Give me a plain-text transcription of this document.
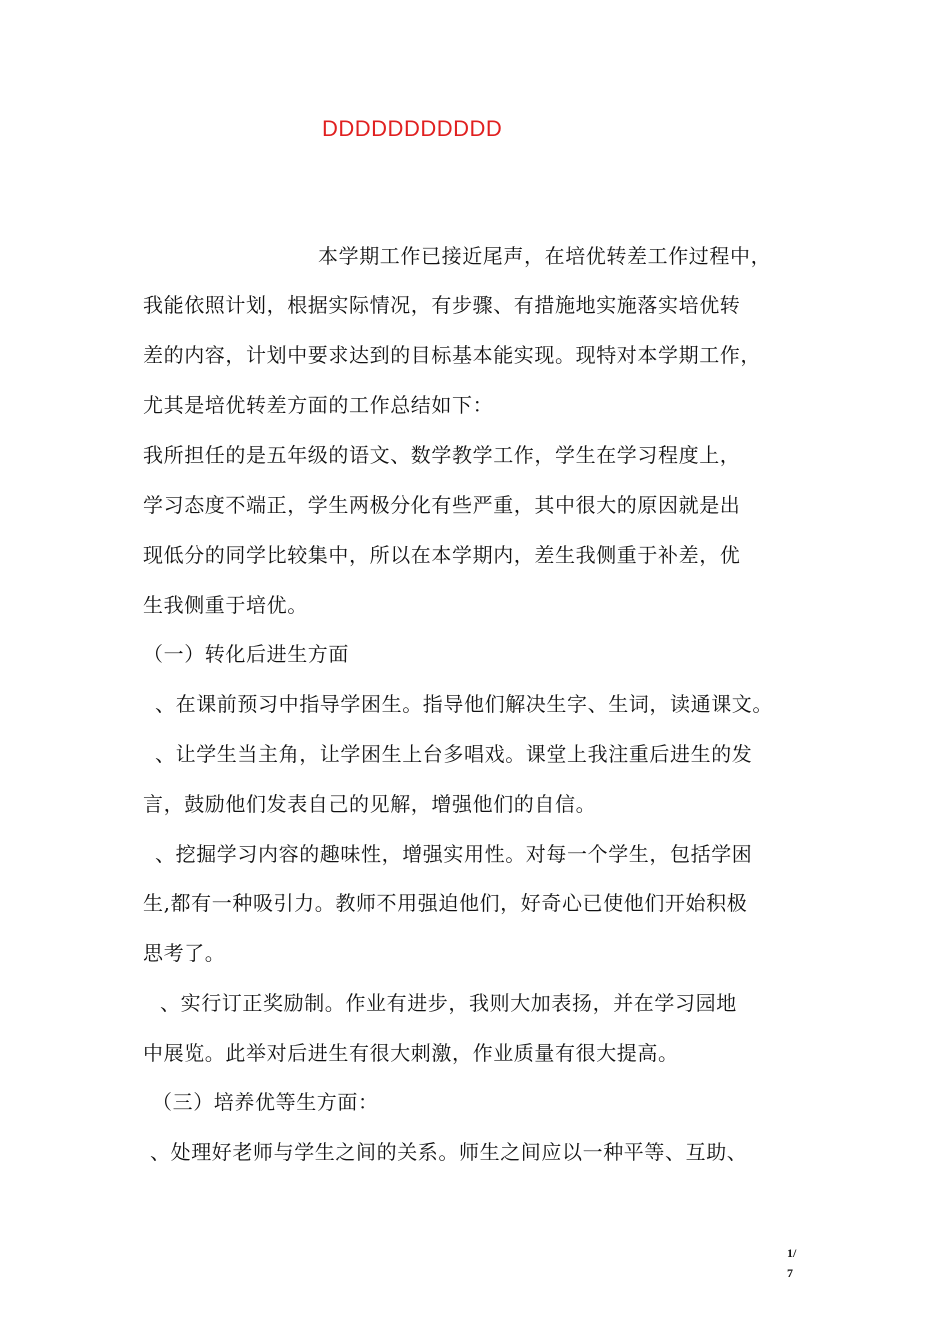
DDDDDDDDDDD
本学期工作已接近尾声，在培优转差工作过程中，
我能依照计划，根据实际情况，有步骤、有措施地实施落实培优转
差的内容，计划中要求达到的目标基本能实现。现特对本学期工作，
尤其是培优转差方面的工作总结如下：
我所担任的是五年级的语文、数学教学工作，学生在学习程度上，
学习态度不端正，学生两极分化有些严重，其中很大的原因就是出
现低分的同学比较集中，所以在本学期内，差生我侧重于补差，优
生我侧重于培优。
（一）转化后进生方面
、在课前预习中指导学困生。指导他们解决生字、生词，读通课文。
、让学生当主角，让学困生上台多唱戏。课堂上我注重后进生的发
言，鼓励他们发表自己的见解，增强他们的自信。
、挖掘学习内容的趣味性，增强实用性。对每一个学生，包括学困
生,都有一种吸引力。教师不用强迫他们，好奇心已使他们开始积极
思考了。
、实行订正奖励制。作业有进步，我则大加表扬，并在学习园地
中展览。此举对后进生有很大刺激，作业质量有很大提高。
（三）培养优等生方面：
、处理好老师与学生之间的关系。师生之间应以一种平等、互助、
1/
7
